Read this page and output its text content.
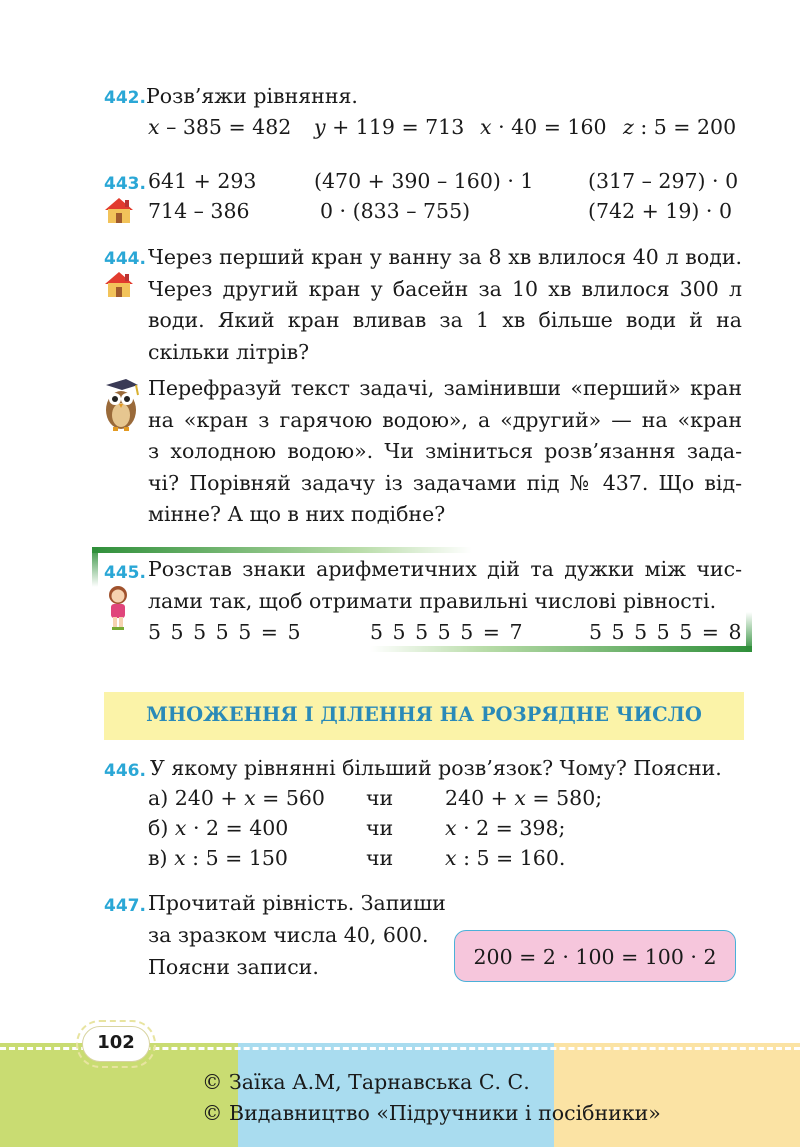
442. Розв’яжи рівняння.
x – 385 = 482 y + 119 = 713 x · 40 = 160 z : 5 = 200
443. 641 + 293	(470 + 390 – 160) · 1	(317 – 297) · 0
714 – 386	0 · (833 – 755)	(742 + 19) · 0
444. Через перший кран у ванну за 8 хв влилося 40 л води.
Через другий кран у басейн за 10 хв влилося 300 л
води. Який кран вливав за 1 хв більше води й на
скільки літрів?
Перефразуй текст задачі, замінивши «перший» кран
на «кран з гарячою водою», а «другий» — на «кран
з холодною водою». Чи зміниться розв’язання зада-
чі? Порівняй задачу із задачами під № 437. Що від-
мінне? А що в них подібне?
445. Розстав знаки арифметичних дій та дужки між чис-
лами так, щоб отримати правильні числові рівності.
5 5 5 5 5 = 5	5 5 5 5 5 = 7	5 5 5 5 5 = 8
МНОЖЕННЯ І ДІЛЕННЯ НА РОЗРЯДНЕ ЧИСЛО
446. У якому рівнянні більший розв’язок? Чому? Поясни.
а) 240 + x = 560 чи	240 + x = 580;
б) x · 2 = 400	чи	x · 2 = 398;
в) x : 5 = 150	чи	x : 5 = 160.
447. Прочитай рівність. Запиши
за зразком числа 40, 600.
Поясни записи.	200 = 2 · 100 = 100 · 2
102
© Заїка А.М, Тарнавська С. С.
© Видавництво «Підручники і посібники»
